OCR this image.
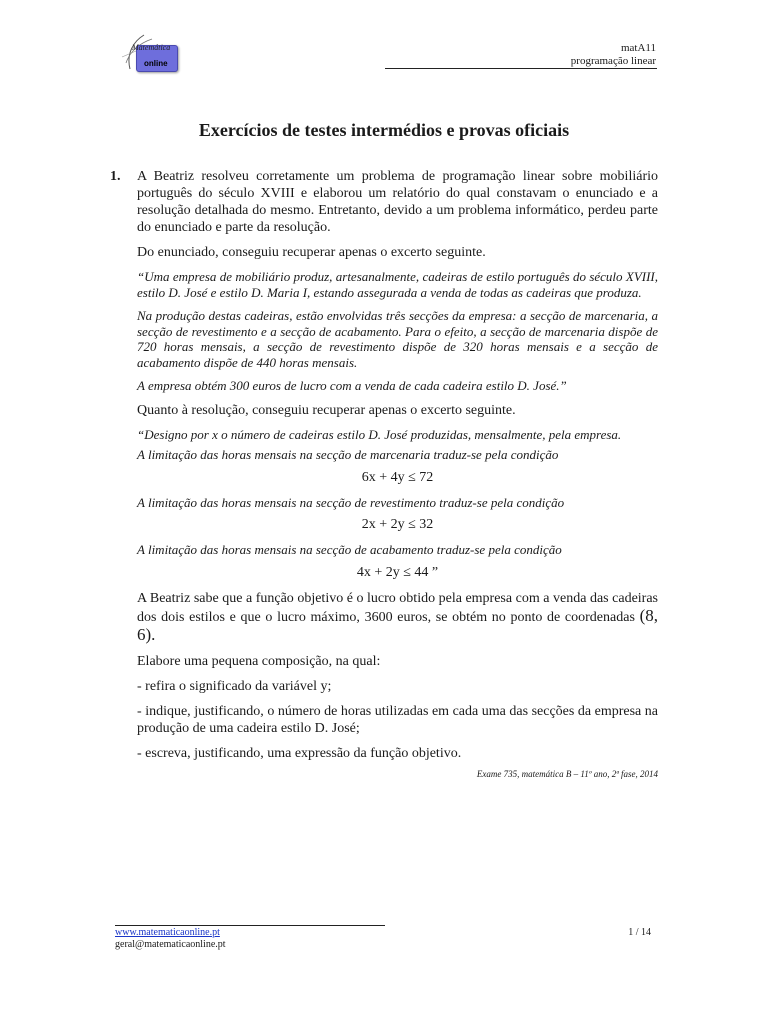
Matemática
online
matA11
programação linear
Exercícios de testes intermédios e provas oficiais
1. A Beatriz resolveu corretamente um problema de programação linear sobre mobiliário português do século XVIII e elaborou um relatório do qual constavam o enunciado e a resolução detalhada do mesmo. Entretanto, devido a um problema informático, perdeu parte do enunciado e parte da resolução.

Do enunciado, conseguiu recuperar apenas o excerto seguinte.

“Uma empresa de mobiliário produz, artesanalmente, cadeiras de estilo português do século XVIII, estilo D. José e estilo D. Maria I, estando assegurada a venda de todas as cadeiras que produza.

Na produção destas cadeiras, estão envolvidas três secções da empresa: a secção de marcenaria, a secção de revestimento e a secção de acabamento. Para o efeito, a secção de marcenaria dispõe de 720 horas mensais, a secção de revestimento dispõe de 320 horas mensais e a secção de acabamento dispõe de 440 horas mensais.

A empresa obtém 300 euros de lucro com a venda de cada cadeira estilo D. José.”

Quanto à resolução, conseguiu recuperar apenas o excerto seguinte.

“Designo por x o número de cadeiras estilo D. José produzidas, mensalmente, pela empresa.

A limitação das horas mensais na secção de marcenaria traduz-se pela condição

6x + 4y ≤ 72

A limitação das horas mensais na secção de revestimento traduz-se pela condição

2x + 2y ≤ 32

A limitação das horas mensais na secção de acabamento traduz-se pela condição

4x + 2y ≤ 44 ”

A Beatriz sabe que a função objetivo é o lucro obtido pela empresa com a venda das cadeiras dos dois estilos e que o lucro máximo, 3600 euros, se obtém no ponto de coordenadas (8, 6).

Elabore uma pequena composição, na qual:

- refira o significado da variável y;

- indique, justificando, o número de horas utilizadas em cada uma das secções da empresa na produção de uma cadeira estilo D. José;

- escreva, justificando, uma expressão da função objetivo.

Exame 735, matemática B – 11º ano, 2ª fase, 2014
www.matematicaonline.pt
geral@matematicaonline.pt
1 / 14
